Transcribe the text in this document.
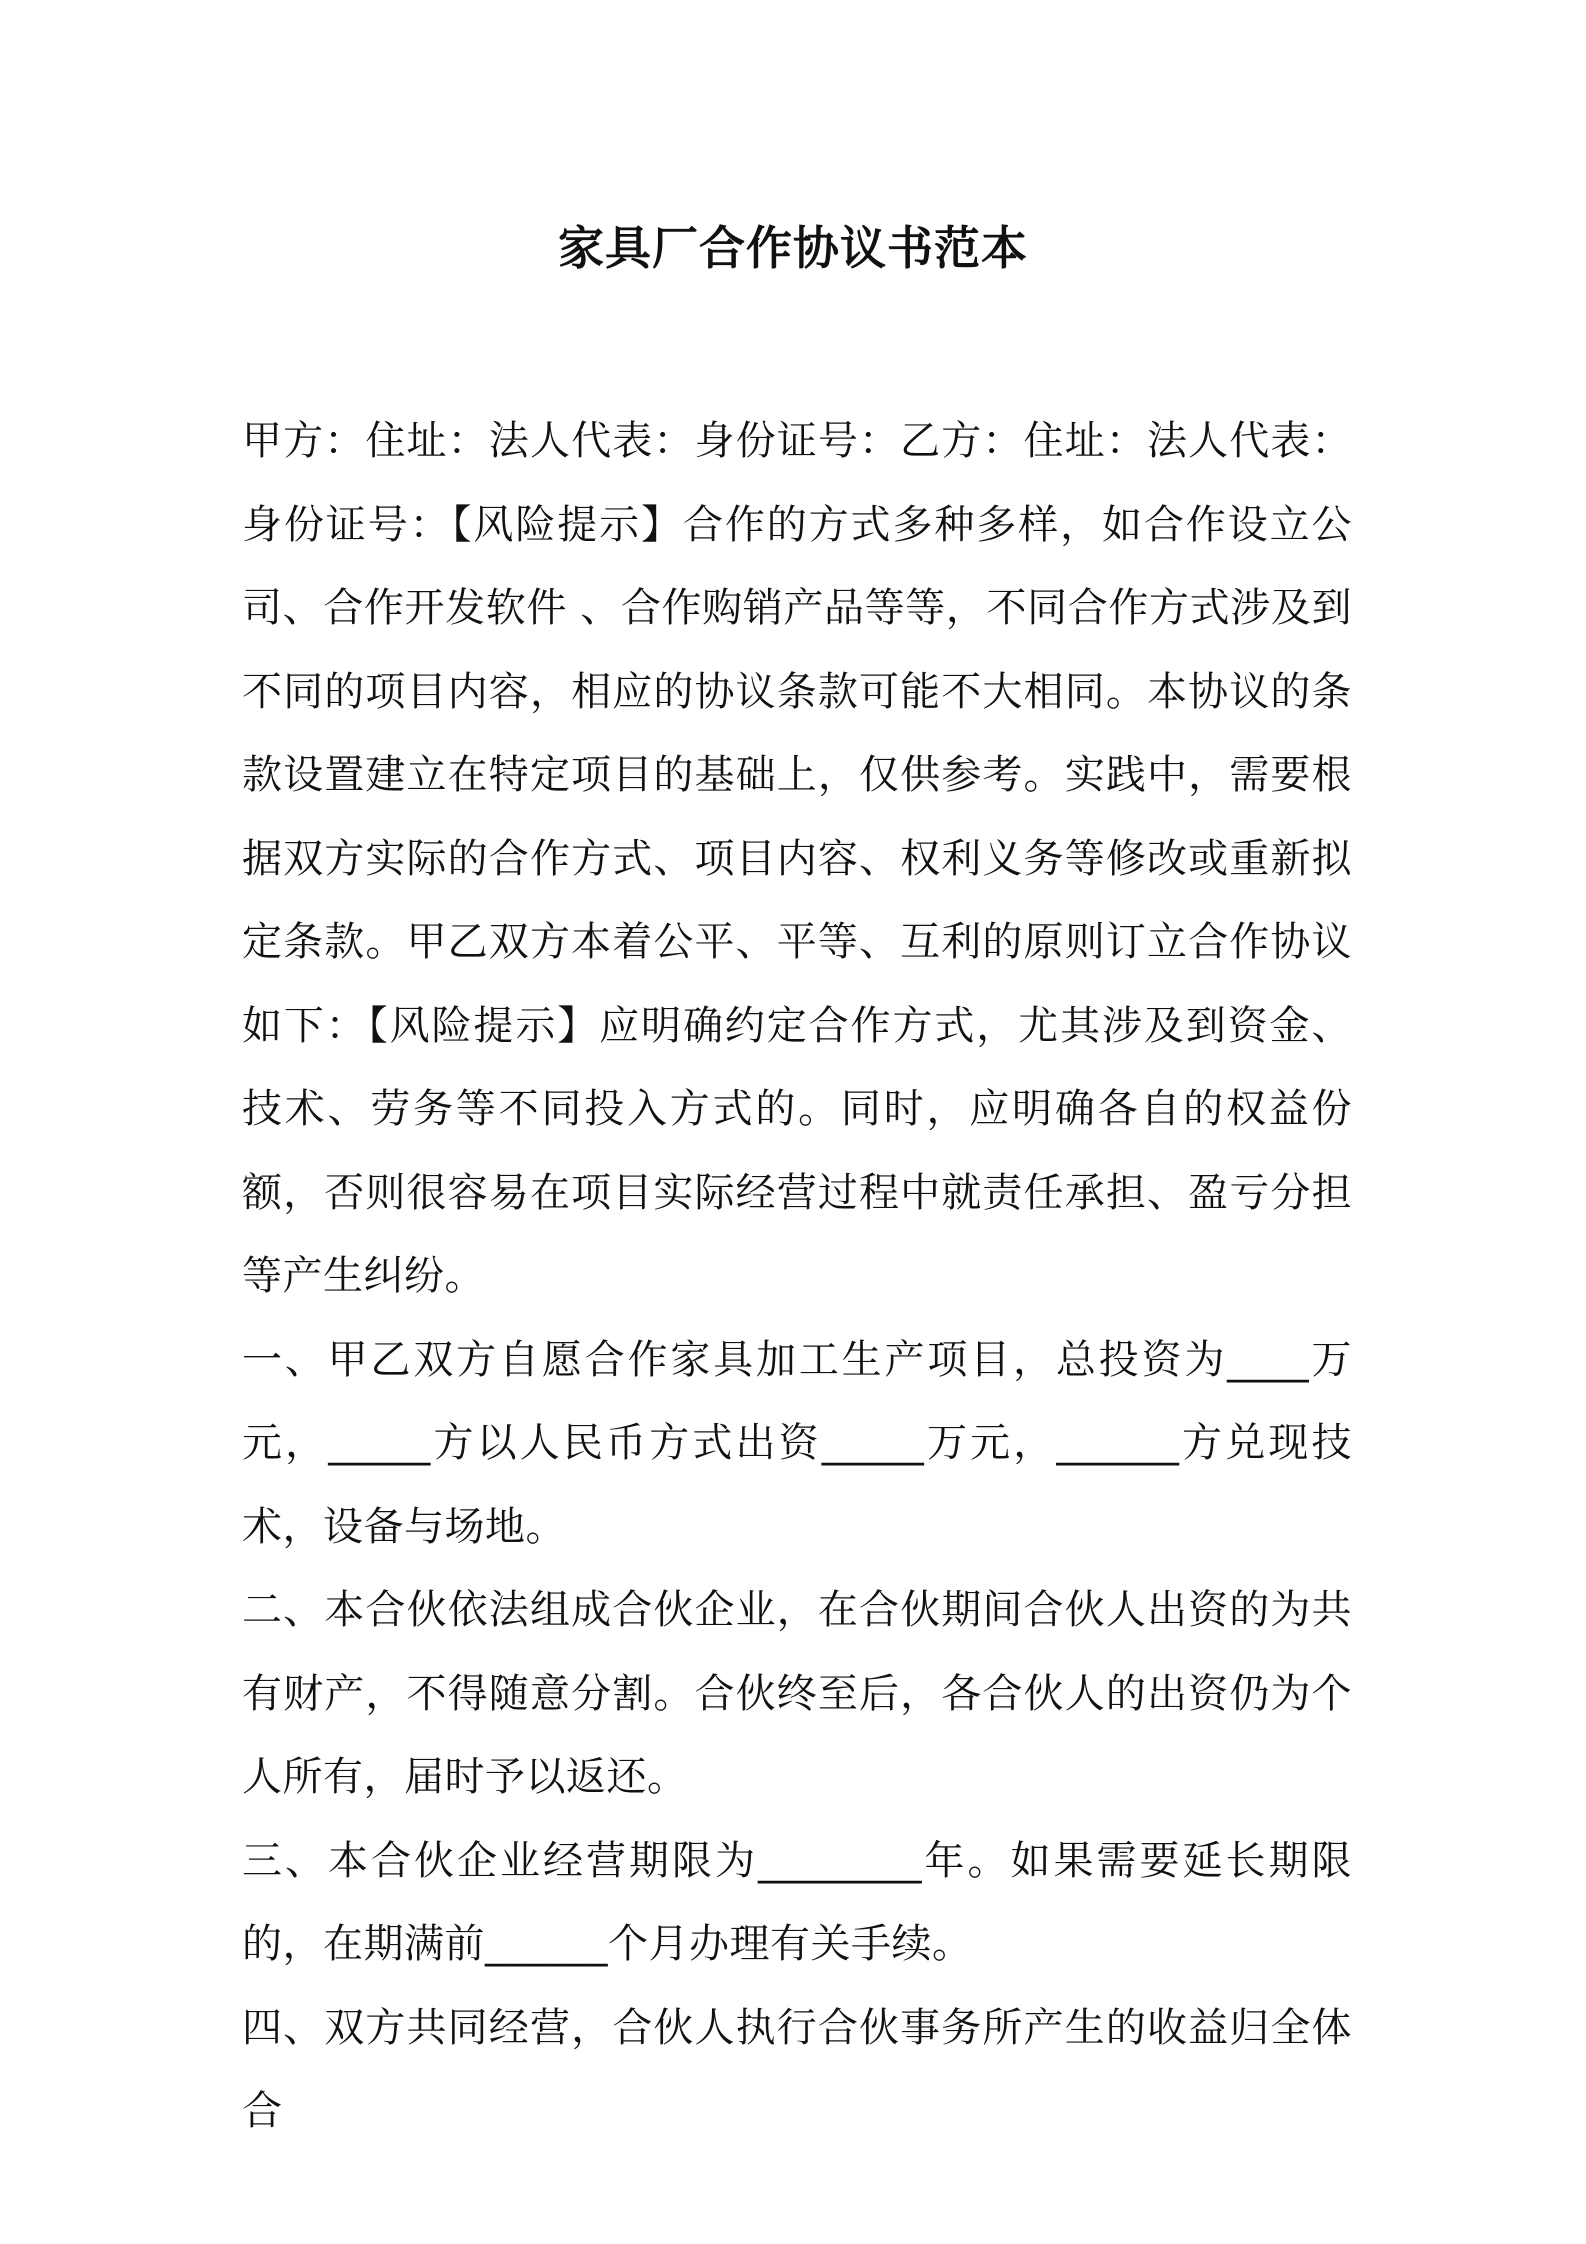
家具厂合作协议书范本

甲方：住址：法人代表：身份证号：乙方：住址：法人代表：身份证号：【风险提示】合作的方式多种多样，如合作设立公司、合作开发软件 、合作购销产品等等，不同合作方式涉及到不同的项目内容，相应的协议条款可能不大相同。本协议的条款设置建立在特定项目的基础上，仅供参考。实践中，需要根据双方实际的合作方式、项目内容、权利义务等修改或重新拟定条款。甲乙双方本着公平、平等、互利的原则订立合作协议如下：【风险提示】应明确约定合作方式，尤其涉及到资金、技术、劳务等不同投入方式的。同时，应明确各自的权益份额，否则很容易在项目实际经营过程中就责任承担、盈亏分担等产生纠纷。

一、甲乙双方自愿合作家具加工生产项目，总投资为____万元，_____方以人民币方式出资_____万元，______方兑现技术，设备与场地。

二、本合伙依法组成合伙企业，在合伙期间合伙人出资的为共有财产，不得随意分割。合伙终至后，各合伙人的出资仍为个人所有，届时予以返还。

三、本合伙企业经营期限为________年。如果需要延长期限的，在期满前______个月办理有关手续。

四、双方共同经营，合伙人执行合伙事务所产生的收益归全体合
